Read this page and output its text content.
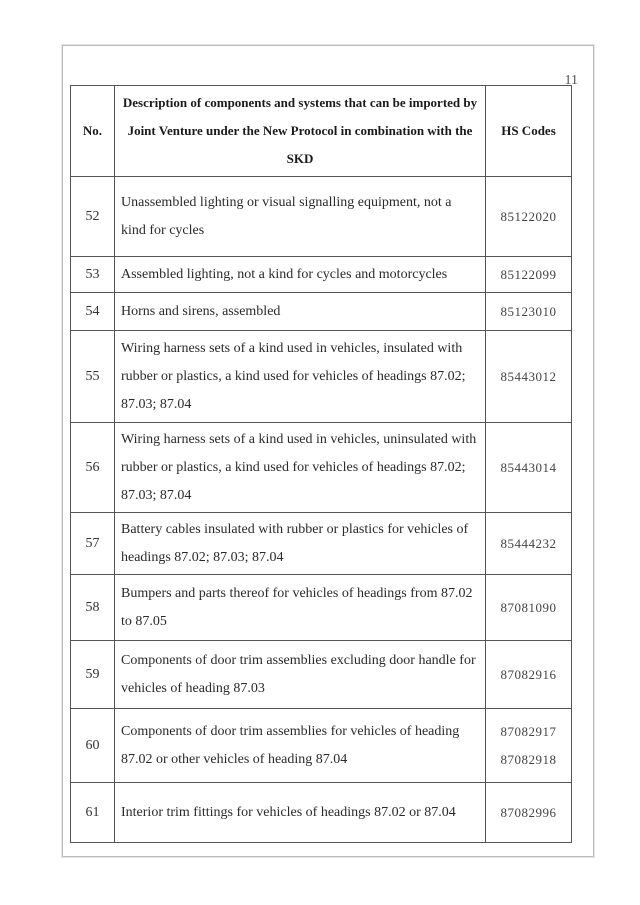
11
No.	Description of components and systems that can be imported by Joint Venture under the New Protocol in combination with the SKD	HS Codes
52	Unassembled lighting or visual signalling equipment, not a kind for cycles	85122020

53	Assembled lighting, not a kind for cycles and motorcycles	85122099

54	Horns and sirens, assembled	85123010

55	Wiring harness sets of a kind used in vehicles, insulated with rubber or plastics, a kind used for vehicles of headings 87.02; 87.03; 87.04	85443012

56	Wiring harness sets of a kind used in vehicles, uninsulated with rubber or plastics, a kind used for vehicles of headings 87.02; 87.03; 87.04	85443014

57	Battery cables insulated with rubber or plastics for vehicles of headings 87.02; 87.03; 87.04	85444232

58	Bumpers and parts thereof for vehicles of headings from 87.02 to 87.05	87081090

59	Components of door trim assemblies excluding door handle for vehicles of heading 87.03	87082916

60	Components of door trim assemblies for vehicles of heading 87.02 or other vehicles of heading 87.04	87082917
87082918

61	Interior trim fittings for vehicles of headings 87.02 or 87.04	87082996
